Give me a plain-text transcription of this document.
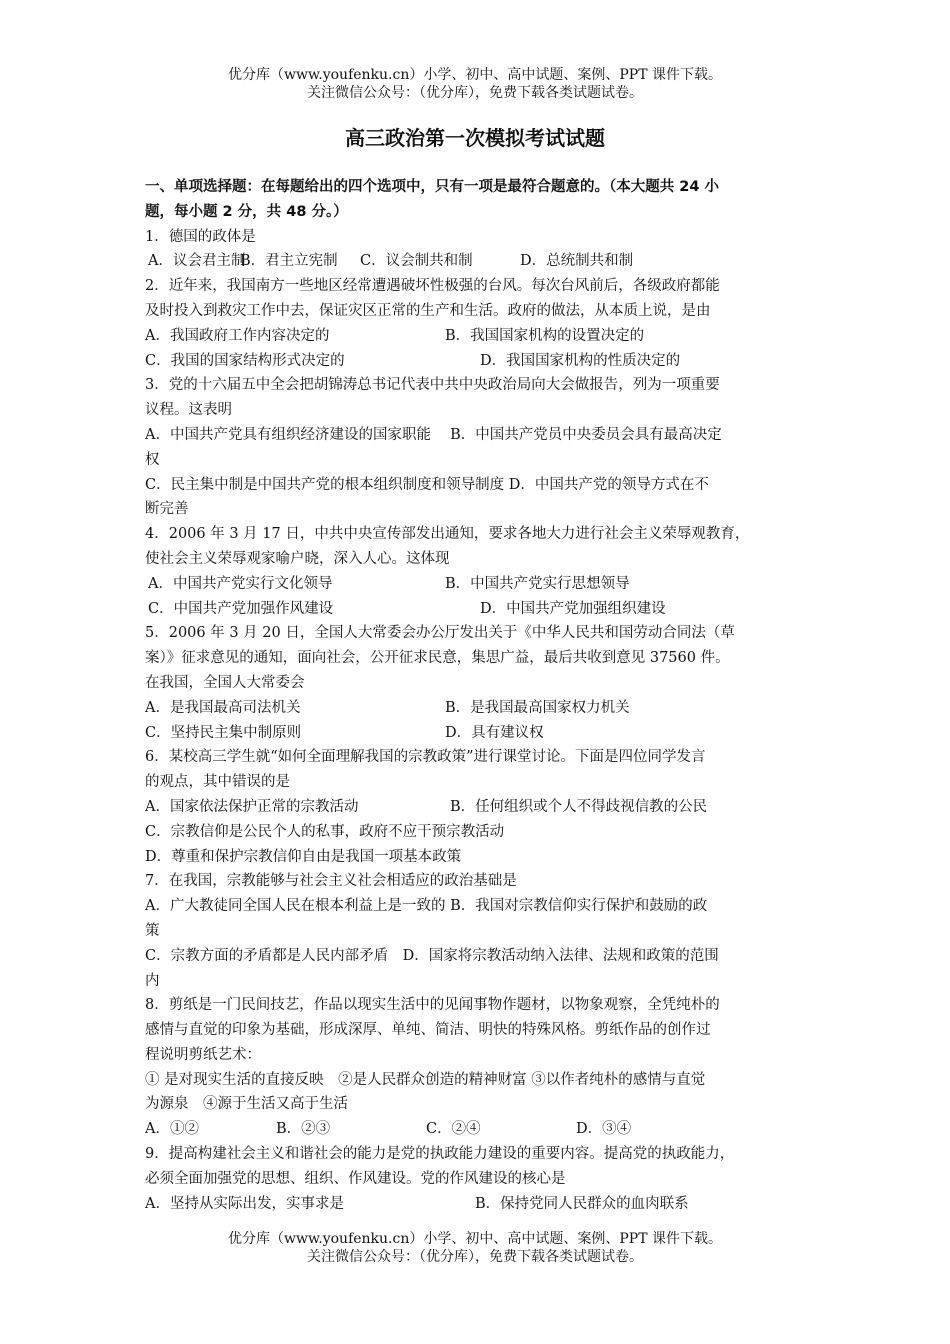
优分库（www.youfenku.cn）小学、初中、高中试题、案例、PPT 课件下载。
关注微信公众号：（优分库），免费下载各类试题试卷。
高三政治第一次模拟考试试题
一、单项选择题：在每题给出的四个选项中，只有一项是最符合题意的。（本大题共 24 小
题，每小题 2 分，共 48 分。）
1．德国的政体是
A．议会君主制B．君主立宪制 C．议会制共和制	D．总统制共和制
2．近年来，我国南方一些地区经常遭遇破坏性极强的台风。每次台风前后，各级政府都能
及时投入到救灾工作中去，保证灾区正常的生产和生活。政府的做法，从本质上说，是由
A．我国政府工作内容决定的	B．我国国家机构的设置决定的
C．我国的国家结构形式决定的	D．我国国家机构的性质决定的
3．党的十六届五中全会把胡锦涛总书记代表中共中央政治局向大会做报告，列为一项重要
议程。这表明
A．中国共产党具有组织经济建设的国家职能　 B．中国共产党员中央委员会具有最高决定
权
C．民主集中制是中国共产党的根本组织制度和领导制度 D．中国共产党的领导方式在不
断完善
4．2006 年 3 月 17 日，中共中央宣传部发出通知，要求各地大力进行社会主义荣辱观教育，
使社会主义荣辱观家喻户晓，深入人心。这体现
A．中国共产党实行文化领导	B．中国共产党实行思想领导
C．中国共产党加强作风建设	D．中国共产党加强组织建设
5．2006 年 3 月 20 日，全国人大常委会办公厅发出关于《中华人民共和国劳动合同法（草
案）》征求意见的通知，面向社会，公开征求民意，集思广益，最后共收到意见 37560 件。
在我国，全国人大常委会
A．是我国最高司法机关	B．是我国最高国家权力机关
C．坚持民主集中制原则	D．具有建议权
6．某校高三学生就“如何全面理解我国的宗教政策”进行课堂讨论。下面是四位同学发言
的观点，其中错误的是
A．国家依法保护正常的宗教活动	B．任何组织或个人不得歧视信教的公民
C．宗教信仰是公民个人的私事，政府不应干预宗教活动
D．尊重和保护宗教信仰自由是我国一项基本政策
7．在我国，宗教能够与社会主义社会相适应的政治基础是
A．广大教徒同全国人民在根本利益上是一致的 B．我国对宗教信仰实行保护和鼓励的政
策
C．宗教方面的矛盾都是人民内部矛盾　D．国家将宗教活动纳入法律、法规和政策的范围
内
8．剪纸是一门民间技艺，作品以现实生活中的见闻事物作题材，以物象观察，全凭纯朴的
感情与直觉的印象为基础，形成深厚、单纯、简洁、明快的特殊风格。剪纸作品的创作过
程说明剪纸艺术：
① 是对现实生活的直接反映　②是人民群众创造的精神财富 ③以作者纯朴的感情与直觉
为源泉　④源于生活又高于生活
A．①②	B．②③	C．②④	D．③④
9．提高构建社会主义和谐社会的能力是党的执政能力建设的重要内容。提高党的执政能力，
必须全面加强党的思想、组织、作风建设。党的作风建设的核心是
A．坚持从实际出发，实事求是	B．保持党同人民群众的血肉联系
优分库（www.youfenku.cn）小学、初中、高中试题、案例、PPT 课件下载。
关注微信公众号：（优分库），免费下载各类试题试卷。
